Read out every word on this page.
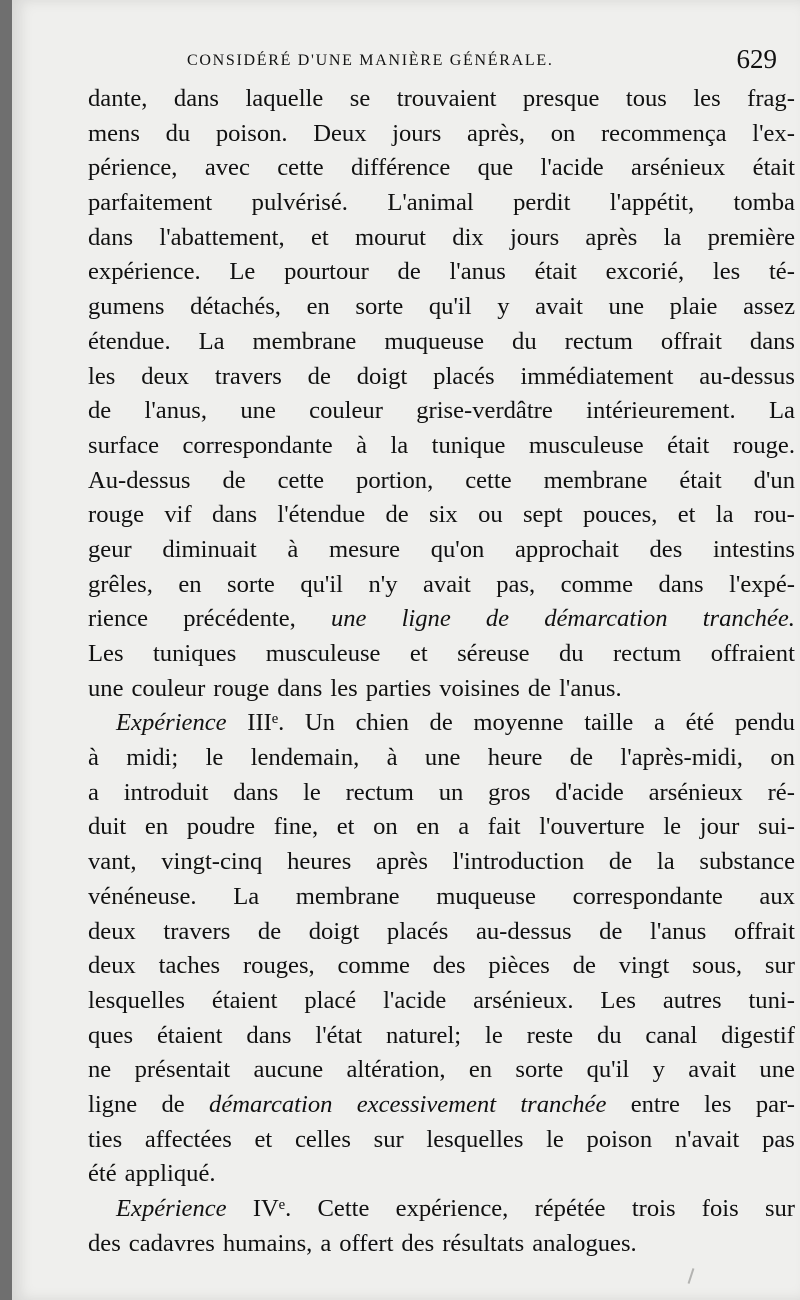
CONSIDÉRÉ D'UNE MANIÈRE GÉNÉRALE.	629
dante, dans laquelle se trouvaient presque tous les frag-
mens du poison. Deux jours après, on recommença l'ex-
périence, avec cette différence que l'acide arsénieux était
parfaitement pulvérisé. L'animal perdit l'appétit, tomba
dans l'abattement, et mourut dix jours après la première
expérience. Le pourtour de l'anus était excorié, les té-
gumens détachés, en sorte qu'il y avait une plaie assez
étendue. La membrane muqueuse du rectum offrait dans
les deux travers de doigt placés immédiatement au-dessus
de l'anus, une couleur grise-verdâtre intérieurement. La
surface correspondante à la tunique musculeuse était rouge.
Au-dessus de cette portion, cette membrane était d'un
rouge vif dans l'étendue de six ou sept pouces, et la rou-
geur diminuait à mesure qu'on approchait des intestins
grêles, en sorte qu'il n'y avait pas, comme dans l'expé-
rience précédente, une ligne de démarcation tranchée.
Les tuniques musculeuse et séreuse du rectum offraient
une couleur rouge dans les parties voisines de l'anus.
Expérience IIIᵉ. Un chien de moyenne taille a été pendu
à midi; le lendemain, à une heure de l'après-midi, on
a introduit dans le rectum un gros d'acide arsénieux ré-
duit en poudre fine, et on en a fait l'ouverture le jour sui-
vant, vingt-cinq heures après l'introduction de la substance
vénéneuse. La membrane muqueuse correspondante aux
deux travers de doigt placés au-dessus de l'anus offrait
deux taches rouges, comme des pièces de vingt sous, sur
lesquelles étaient placé l'acide arsénieux. Les autres tuni-
ques étaient dans l'état naturel; le reste du canal digestif
ne présentait aucune altération, en sorte qu'il y avait une
ligne de démarcation excessivement tranchée entre les par-
ties affectées et celles sur lesquelles le poison n'avait pas
été appliqué.
Expérience IVᵉ. Cette expérience, répétée trois fois sur
des cadavres humains, a offert des résultats analogues.
